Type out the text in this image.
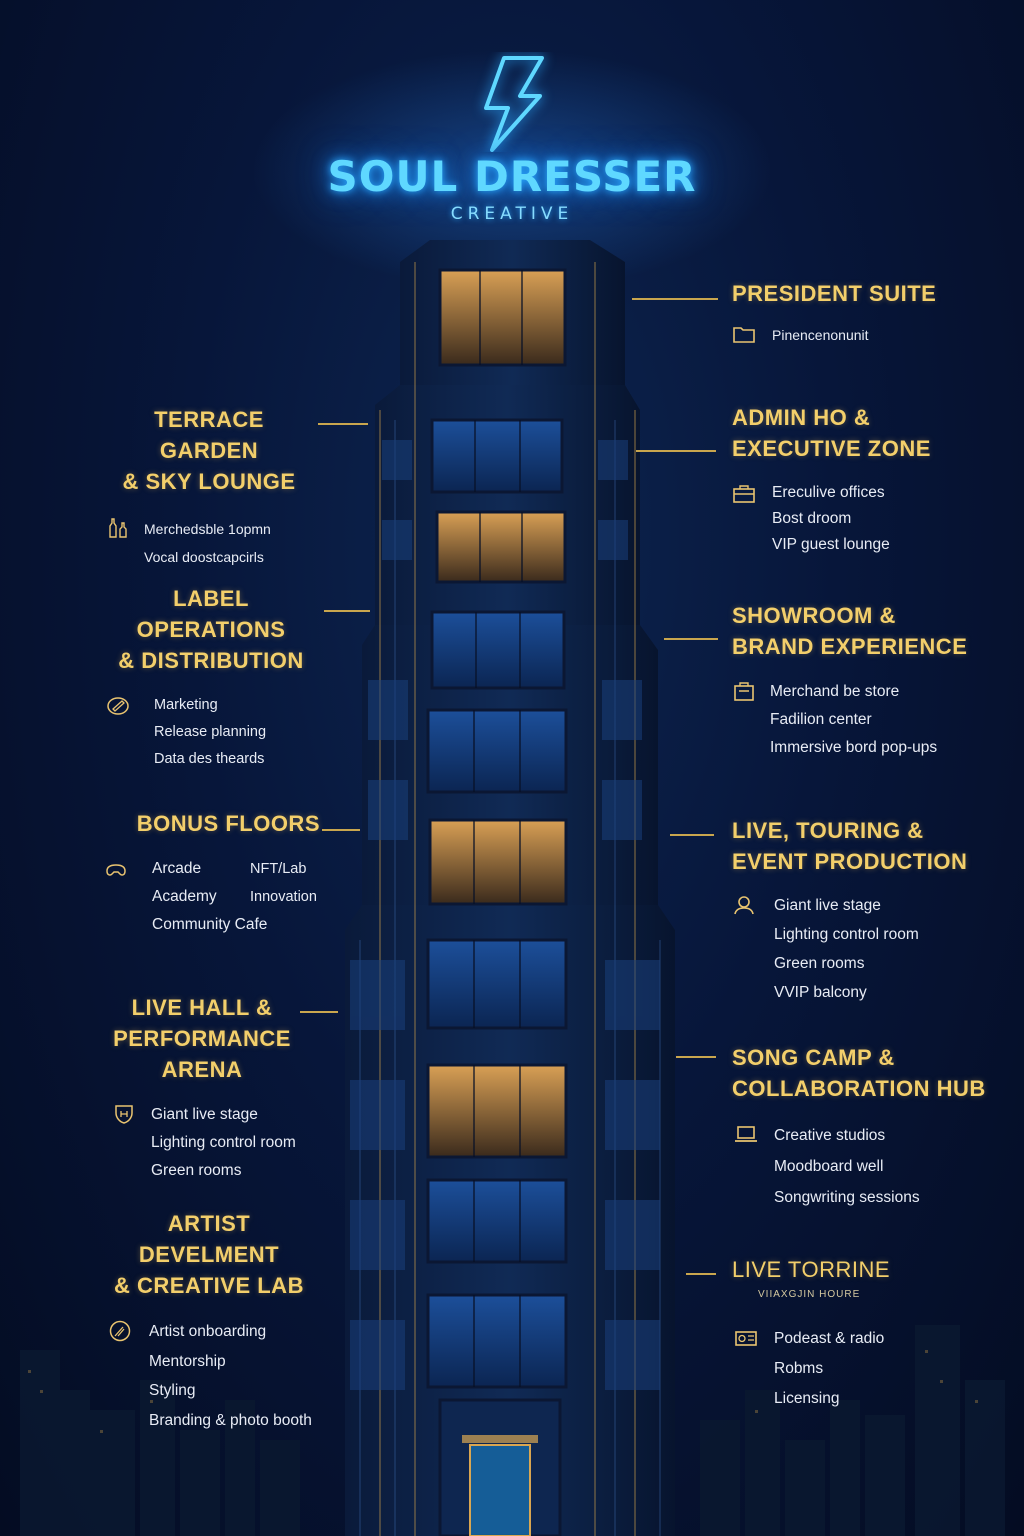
SOUL DRESSER
CREATIVE
PRESIDENT SUITE
Pinencenonunit
TERRACE GARDEN
& SKY LOUNGE
Merchedsble 1opmn
Vocal doostcapcirls
ADMIN HO &
EXECUTIVE ZONE
Ereculive offices
Bost droom
VIP guest lounge
LABEL OPERATIONS
& DISTRIBUTION
Marketing
Release planning
Data des theards
SHOWROOM &
BRAND EXPERIENCE
Merchand be store
Fadilion center
Immersive bord pop-ups
BONUS FLOORS
Arcade
Academy
Community Cafe
NFT/Lab
Innovation
LIVE, TOURING &
EVENT PRODUCTION
Giant live stage
Lighting control room
Green rooms
VVIP balcony
LIVE HALL &
PERFORMANCE ARENA
Giant live stage
Lighting control room
Green rooms
SONG CAMP &
COLLABORATION HUB
Creative studios
Moodboard well
Songwriting sessions
ARTIST DEVELMENT
& CREATIVE LAB
Artist onboarding
Mentorship
Styling
Branding & photo booth
LIVE TORRINE
VIIAXGJIN HOURE
Podeast & radio
Robms
Licensing
